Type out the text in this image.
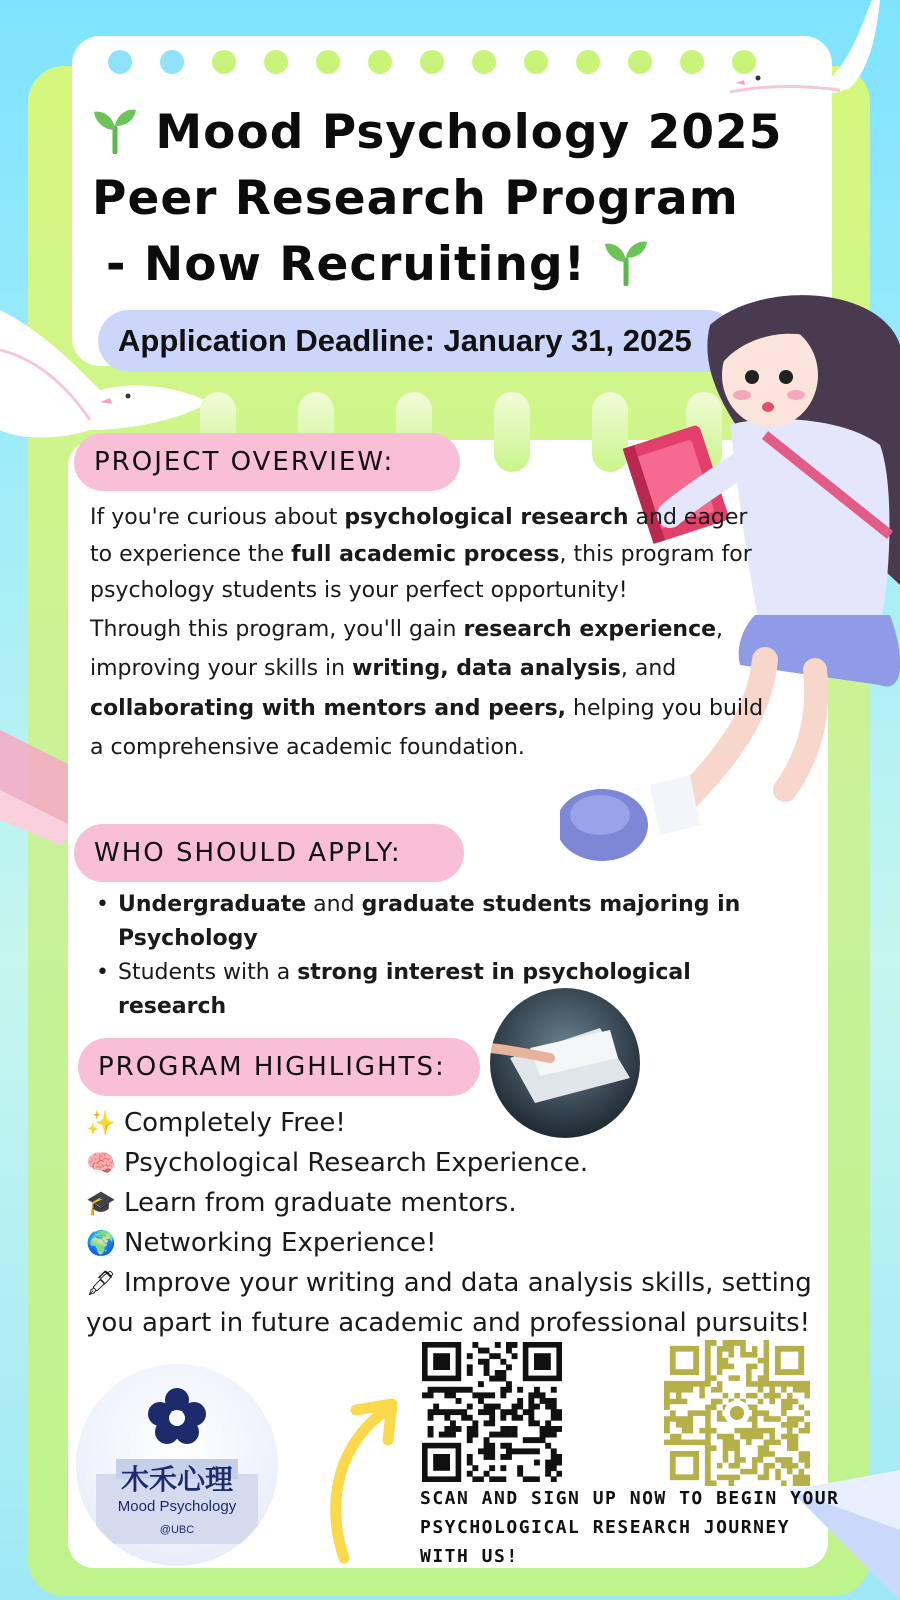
Mood Psychology 2025
Peer Research Program
- Now Recruiting!
Application Deadline: January 31, 2025
PROJECT OVERVIEW:

If you're curious about psychological research and eager to experience the full academic process, this program for psychology students is your perfect opportunity!

Through this program, you'll gain research experience, improving your skills in writing, data analysis, and collaborating with mentors and peers, helping you build a comprehensive academic foundation.

WHO SHOULD APPLY:
• Undergraduate and graduate students majoring in Psychology
• Students with a strong interest in psychological research
PROGRAM HIGHLIGHTS:
✨ Completely Free!
🧠 Psychological Research Experience.
🎓 Learn from graduate mentors.
🌍 Networking Experience!
🖋 Improve your writing and data analysis skills, setting you apart in future academic and professional pursuits!
木禾心理
Mood Psychology
@UBC
SCAN AND SIGN UP NOW TO BEGIN YOUR PSYCHOLOGICAL RESEARCH JOURNEY WITH US!
